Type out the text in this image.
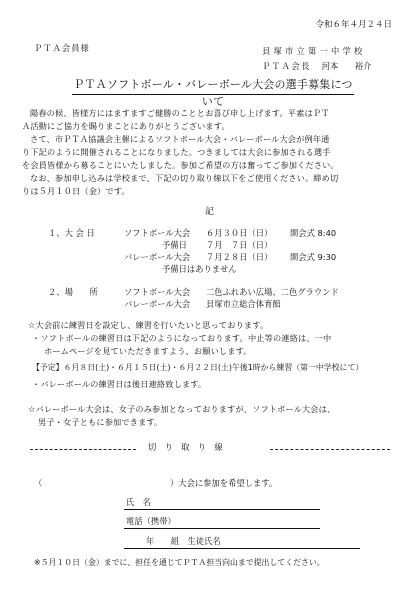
令和６年４月２４日
ＰＴＡ会員様	貝塚市立第一中学校
ＰＴＡ会長 河本　　裕介
ＰＴＡソフトボール・バレーボール大会の選手募集について
陽春の候、皆様方にはますますご健勝のこととお喜び申し上げます。平素はＰＴ
Ａ活動にご協力を賜りまことにありがとうございます。
さて、市ＰＴＡ協議会主催によるソフトボール大会・バレーボール大会が例年通
り下記のように開催されることになりました。つきましては大会に参加される選手
を会員皆様から募ることにいたしました。参加ご希望の方は奮ってご参加ください。
なお、参加申し込みは学校まで、下記の切り取り線以下をご使用ください。締め切
りは５月１０日（金）です。
記
１、大 会 日	ソフトボール大会 ６月３０日（日） 開会式 8:40
予備日 ７月　７日（日）
バレーボール大会 ７月２８日（日） 開会式 9:30
予備日はありません
２、場　　所	ソフトボール大会 二色ふれあい広場、二色グラウンド
バレーボール大会 貝塚市立総合体育館
☆大会前に練習日を設定し、練習を行いたいと思っております。
・ソフトボールの練習日は下記のようになっております。中止等の連絡は、一中
ホームページを見ていただきますよう、お願いします。
【予定】６月８日(土)・６月１５日(土)・６月２２日(土)午後1時から練習（第一中学校にて）
・バレーボールの練習日は後日連絡致します。
☆バレーボール大会は、女子のみ参加となっておりますが、ソフトボール大会は、
男子・女子ともに参加できます。
切　り　取　り　線
（	）大会に参加を希望します。
氏　名
電話（携帯）
年　　組　生徒氏名
※５月１０日（金）までに、担任を通じてＰＴＡ担当向山まで提出してください。
